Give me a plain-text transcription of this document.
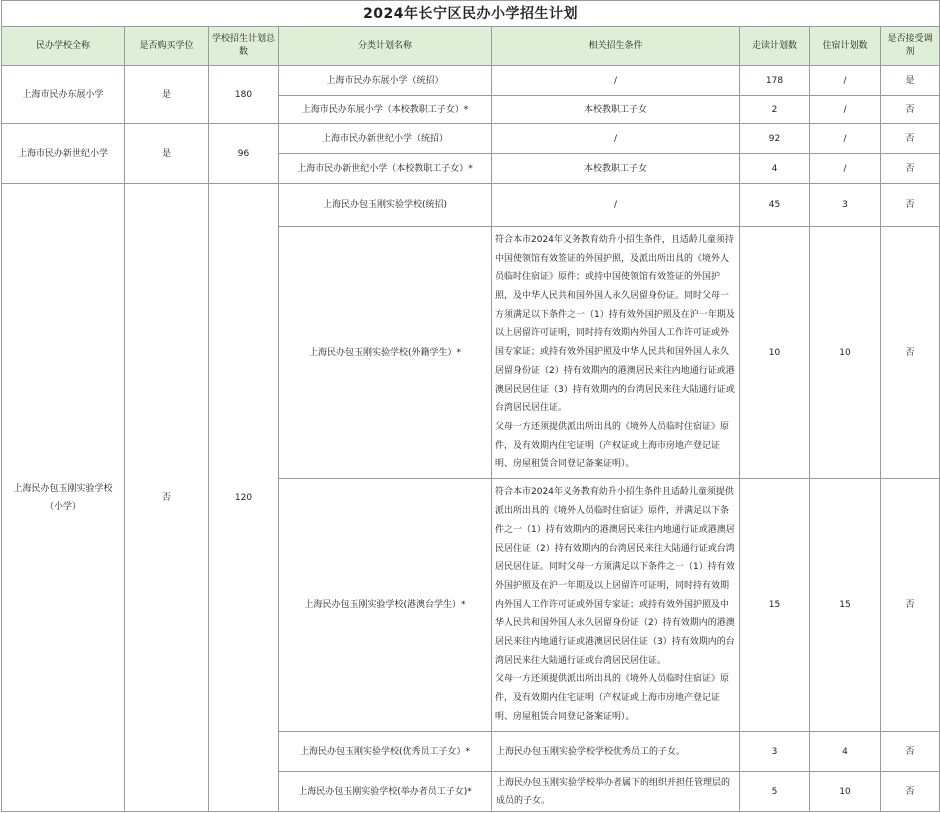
2024年长宁区民办小学招生计划							
民办学校全称	是否购买学位	学校招生计划总数	分类计划名称	相关招生条件	走读计划数	住宿计划数	是否接受调剂
上海市民办东展小学	是	180	上海市民办东展小学（统招）	/	178	/	是
			上海市民办东展小学（本校教职工子女）*	本校教职工子女	2	/	否
上海市民办新世纪小学	是	96	上海市民办新世纪小学（统招）	/	92	/	否
			上海市民办新世纪小学（本校教职工子女）*	本校教职工子女	4	/	否
上海民办包玉刚实验学校（小学）	否	120	上海民办包玉刚实验学校(统招)	/	45	3	否
			上海民办包玉刚实验学校(外籍学生）*	符合本市2024年义务教育幼升小招生条件，且适龄儿童须持中国使领馆有效签证的外国护照，及派出所出具的《境外人员临时住宿证》原件；或持中国使领馆有效签证的外国护照，及中华人民共和国外国人永久居留身份证。同时父母一方须满足以下条件之一（1）持有效外国护照及在沪一年期及以上居留许可证明，同时持有效期内外国人工作许可证或外国专家证；或持有效外国护照及中华人民共和国外国人永久居留身份证（2）持有效期内的港澳居民来往内地通行证或港澳居民居住证（3）持有效期内的台湾居民来往大陆通行证或台湾居民居住证。

父母一方还须提供派出所出具的《境外人员临时住宿证》原件，及有效期内住宅证明（产权证或上海市房地产登记证明、房屋租赁合同登记备案证明）。	10	10	否
			上海民办包玉刚实验学校(港澳台学生）*	符合本市2024年义务教育幼升小招生条件且适龄儿童须提供派出所出具的《境外人员临时住宿证》原件，并满足以下条件之一（1）持有效期内的港澳居民来往内地通行证或港澳居民居住证（2）持有效期内的台湾居民来往大陆通行证或台湾居民居住证。同时父母一方须满足以下条件之一（1）持有效外国护照及在沪一年期及以上居留许可证明，同时持有效期内外国人工作许可证或外国专家证；或持有效外国护照及中华人民共和国外国人永久居留身份证（2）持有效期内的港澳居民来往内地通行证或港澳居民居住证（3）持有效期内的台湾居民来往大陆通行证或台湾居民居住证。

父母一方还须提供派出所出具的《境外人员临时住宿证》原件，及有效期内住宅证明（产权证或上海市房地产登记证明、房屋租赁合同登记备案证明）。	15	15	否
			上海民办包玉刚实验学校(优秀员工子女）*	上海民办包玉刚实验学校学校优秀员工的子女。	3	4	否
			上海民办包玉刚实验学校(举办者员工子女)*	上海民办包玉刚实验学校举办者属下的组织并担任管理层的成员的子女。	5	10	否
